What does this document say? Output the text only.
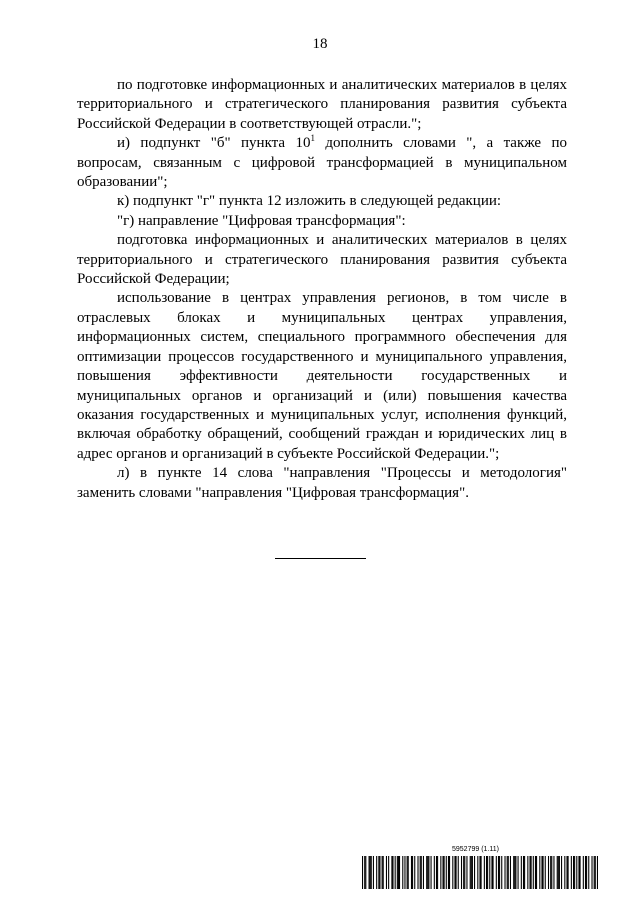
18

по подготовке информационных и аналитических материалов в целях территориального и стратегического планирования развития субъекта Российской Федерации в соответствующей отрасли.";

и) подпункт "б" пункта $10^1$ дополнить словами ", а также по вопросам, связанным с цифровой трансформацией в муниципальном образовании";

к) подпункт "г" пункта 12 изложить в следующей редакции:

"г) направление "Цифровая трансформация":

подготовка информационных и аналитических материалов в целях территориального и стратегического планирования развития субъекта Российской Федерации;

использование в центрах управления регионов, в том числе в отраслевых блоках и муниципальных центрах управления, информационных систем, специального программного обеспечения для оптимизации процессов государственного и муниципального управления, повышения эффективности деятельности государственных и муниципальных органов и организаций и (или) повышения качества оказания государственных и муниципальных услуг, исполнения функций, включая обработку обращений, сообщений граждан и юридических лиц в адрес органов и организаций в субъекте Российской Федерации.";

л) в пункте 14 слова "направления "Процессы и методология" заменить словами "направления "Цифровая трансформация".

5952799 (1.11)
